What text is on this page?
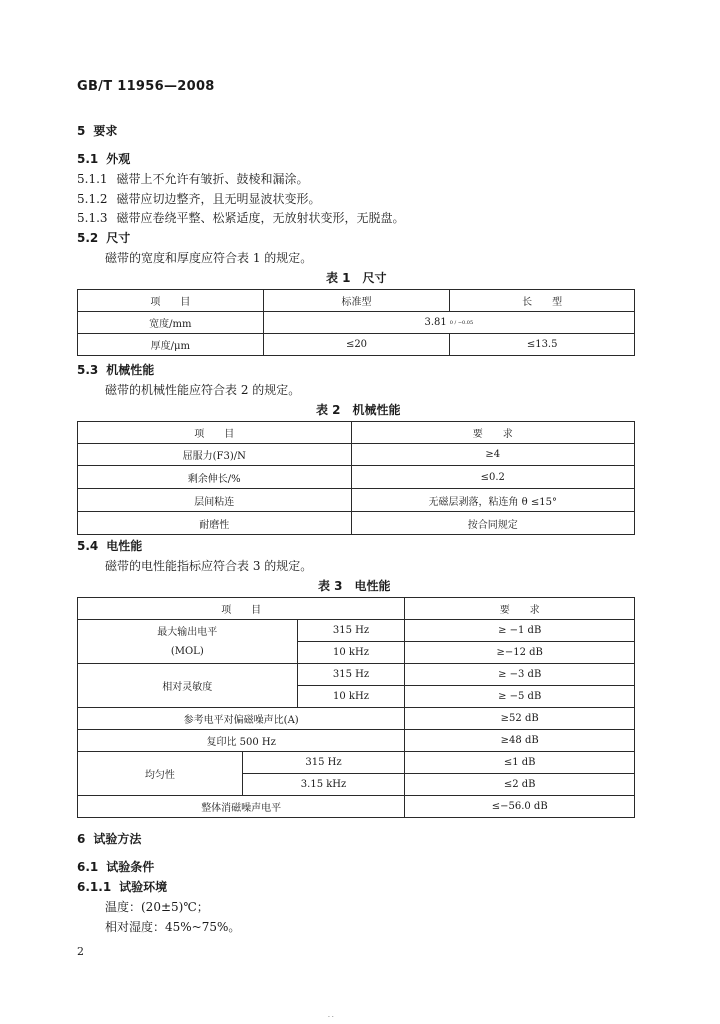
GB/T 11956—2008
5 要求
5.1 外观
5.1.1 磁带上不允许有皱折、鼓棱和漏涂。
5.1.2 磁带应切边整齐，且无明显波状变形。
5.1.3 磁带应卷绕平整、松紧适度，无放射状变形，无脱盘。
5.2 尺寸
磁带的宽度和厚度应符合表 1 的规定。
表 1　尺寸
项　　目	标准型	长　　型
宽度/mm	3.81 0 / −0.05	
厚度/μm	≤20	≤13.5
5.3 机械性能
磁带的机械性能应符合表 2 的规定。
表 2　机械性能
项　　目	要　　求
屈服力(F3)/N	≥4
剩余伸长/%	≤0.2
层间粘连	无磁层剥落，粘连角 θ ≤15°
耐磨性	按合同规定
5.4 电性能
磁带的电性能指标应符合表 3 的规定。
表 3　电性能
项　　目			要　　求

最大输出电平
(MOL)		315 Hz	≥ −1 dB
		10 kHz	≥−12 dB
相对灵敏度		315 Hz	≥ −3 dB
		10 kHz	≥ −5 dB
参考电平对偏磁噪声比(A)			≥52 dB
复印比 500 Hz			≥48 dB
均匀性	315 Hz		≤1 dB
	3.15 kHz		≤2 dB
整体消磁噪声电平			≤−56.0 dB
6 试验方法
6.1 试验条件
6.1.1 试验环境
温度：(20±5)℃；
相对湿度：45%~75%。
2
· ·
